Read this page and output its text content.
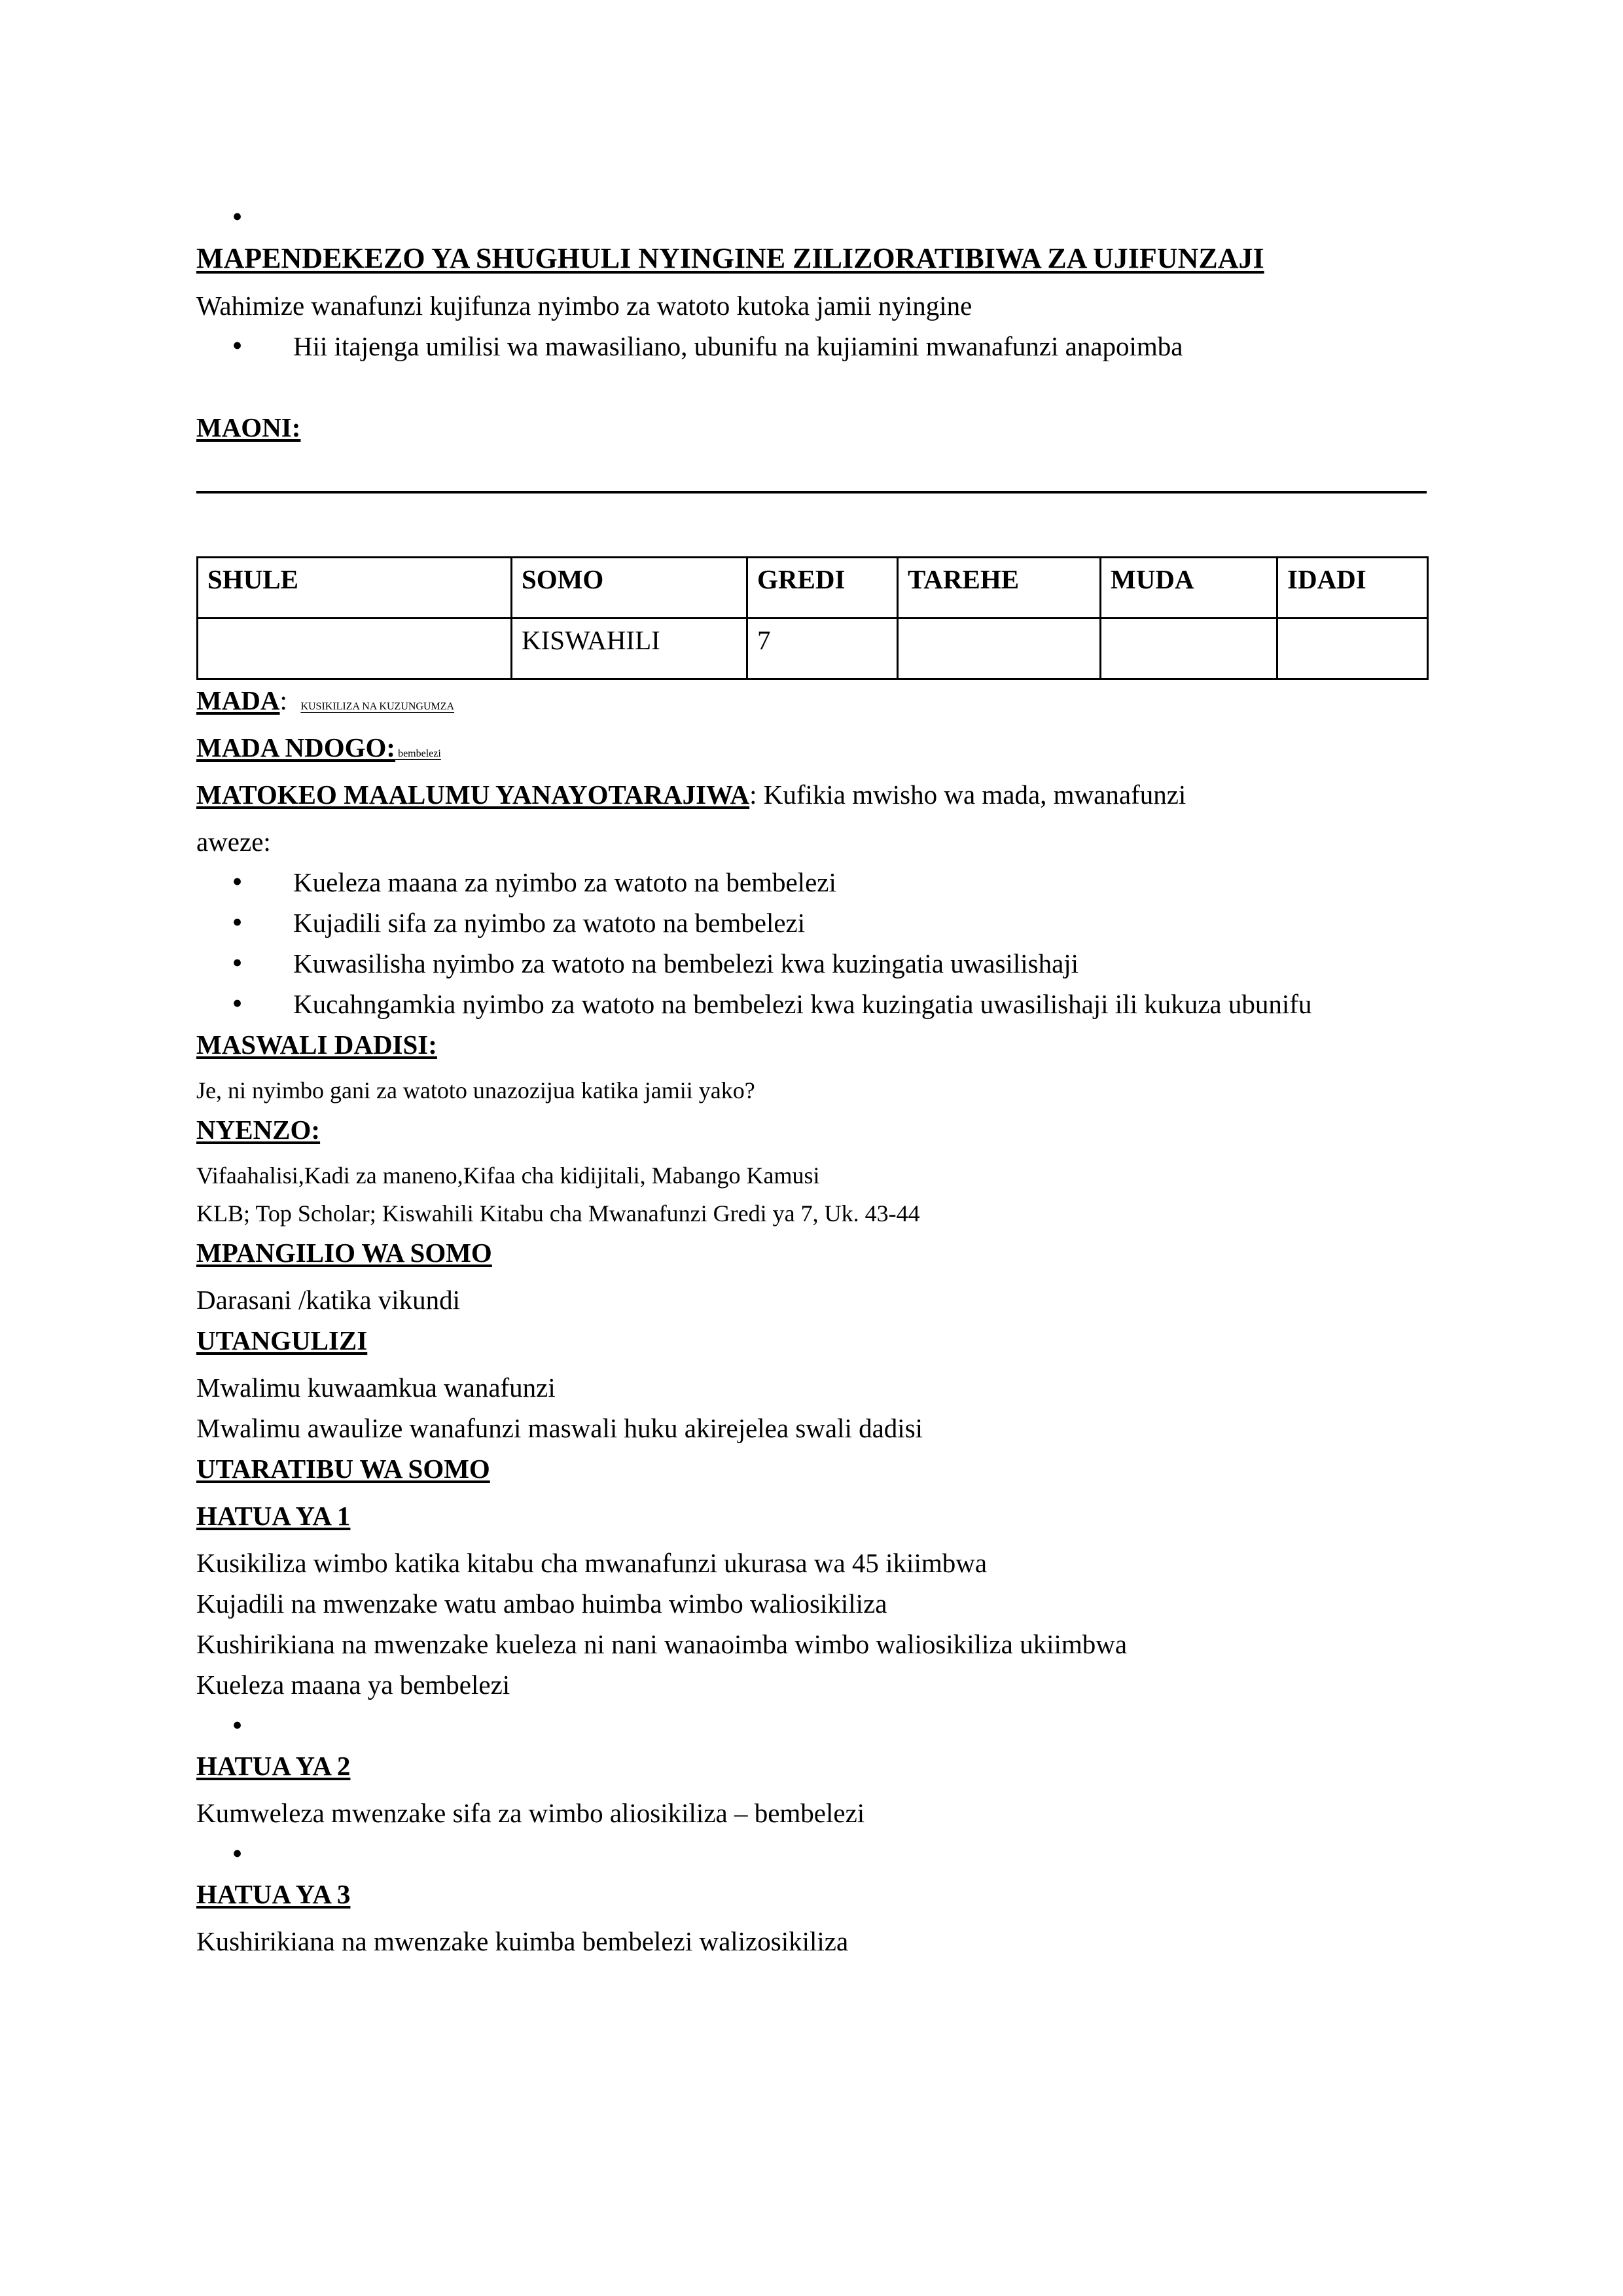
●
MAPENDEKEZO YA SHUGHULI NYINGINE ZILIZORATIBIWA ZA UJIFUNZAJI
Wahimize wanafunzi kujifunza nyimbo za watoto kutoka jamii nyingine
● Hii itajenga umilisi wa mawasiliano, ubunifu na kujiamini mwanafunzi anapoimba
MAONI:
SHULE	SOMO	GREDI	TAREHE	MUDA	IDADI
	KISWAHILI	7			
MADA:  KUSIKILIZA NA KUZUNGUMZA
MADA NDOGO: bembelezi
MATOKEO MAALUMU YANAYOTARAJIWA: Kufikia mwisho wa mada, mwanafunzi
aweze:
● Kueleza maana za nyimbo za watoto na bembelezi
● Kujadili sifa za nyimbo za watoto na bembelezi
● Kuwasilisha nyimbo za watoto na bembelezi kwa kuzingatia uwasilishaji
● Kucahngamkia nyimbo za watoto na bembelezi kwa kuzingatia uwasilishaji ili kukuza ubunifu
MASWALI DADISI:
Je, ni nyimbo gani za watoto unazozijua katika jamii yako?
NYENZO:
Vifaahalisi,Kadi za maneno,Kifaa cha kidijitali, Mabango Kamusi
KLB; Top Scholar; Kiswahili Kitabu cha Mwanafunzi Gredi ya 7, Uk. 43-44
MPANGILIO WA SOMO
Darasani /katika vikundi
UTANGULIZI
Mwalimu kuwaamkua wanafunzi
Mwalimu awaulize wanafunzi maswali huku akirejelea swali dadisi
UTARATIBU WA SOMO
HATUA YA 1
Kusikiliza wimbo katika kitabu cha mwanafunzi ukurasa wa 45 ikiimbwa
Kujadili na mwenzake watu ambao huimba wimbo waliosikiliza
Kushirikiana na mwenzake kueleza ni nani wanaoimba wimbo waliosikiliza ukiimbwa
Kueleza maana ya bembelezi
●
HATUA YA 2
Kumweleza mwenzake sifa za wimbo aliosikiliza – bembelezi
●
HATUA YA 3
Kushirikiana na mwenzake kuimba bembelezi walizosikiliza
